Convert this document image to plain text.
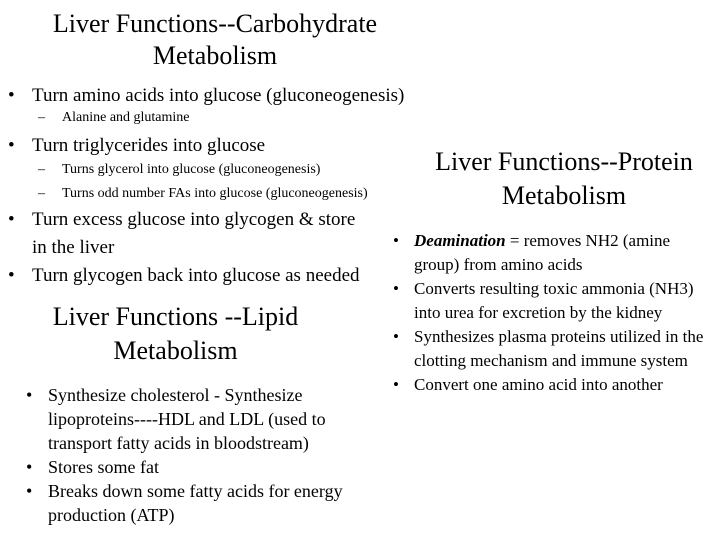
Liver Functions--Carbohydrate
Metabolism
• Turn amino acids into glucose (gluconeogenesis)
– Alanine and glutamine
• Turn triglycerides into glucose
– Turns glycerol into glucose (gluconeogenesis)
– Turns odd number FAs into glucose (gluconeogenesis)
• Turn excess glucose into glycogen & store
in the liver
• Turn glycogen back into glucose as needed
Liver Functions--Protein
Metabolism
Liver Functions --Lipid
Metabolism
• Synthesize cholesterol - Synthesize lipoproteins----HDL and LDL (used to transport fatty acids in bloodstream)
• Stores some fat
• Breaks down some fatty acids for energy production (ATP)
• Deamination = removes NH2 (amine group) from amino acids
• Converts resulting toxic ammonia (NH3) into urea for excretion by the kidney
• Synthesizes plasma proteins utilized in the clotting mechanism and immune system
• Convert one amino acid into another
